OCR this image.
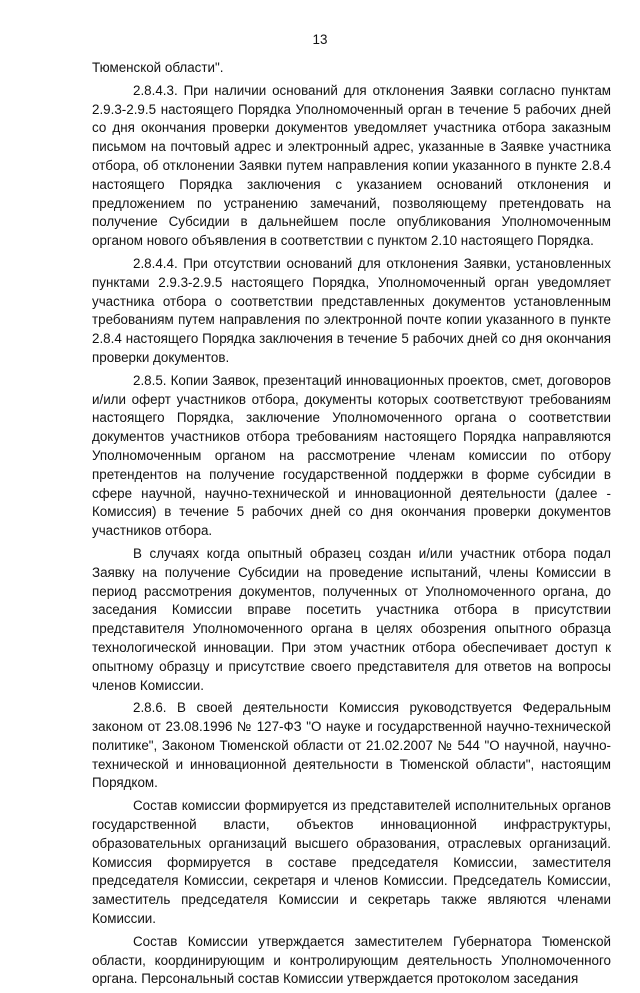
13

Тюменской области".

2.8.4.3. При наличии оснований для отклонения Заявки согласно пунктам 2.9.3-2.9.5 настоящего Порядка Уполномоченный орган в течение 5 рабочих дней со дня окончания проверки документов уведомляет участника отбора заказным письмом на почтовый адрес и электронный адрес, указанные в Заявке участника отбора, об отклонении Заявки путем направления копии указанного в пункте 2.8.4 настоящего Порядка заключения с указанием оснований отклонения и предложением по устранению замечаний, позволяющему претендовать на получение Субсидии в дальнейшем после опубликования Уполномоченным органом нового объявления в соответствии с пунктом 2.10 настоящего Порядка.

2.8.4.4. При отсутствии оснований для отклонения Заявки, установленных пунктами 2.9.3-2.9.5 настоящего Порядка, Уполномоченный орган уведомляет участника отбора о соответствии представленных документов установленным требованиям путем направления по электронной почте копии указанного в пункте 2.8.4 настоящего Порядка заключения в течение 5 рабочих дней со дня окончания проверки документов.

2.8.5. Копии Заявок, презентаций инновационных проектов, смет, договоров и/или оферт участников отбора, документы которых соответствуют требованиям настоящего Порядка, заключение Уполномоченного органа о соответствии документов участников отбора требованиям настоящего Порядка направляются Уполномоченным органом на рассмотрение членам комиссии по отбору претендентов на получение государственной поддержки в форме субсидии в сфере научной, научно-технической и инновационной деятельности (далее - Комиссия) в течение 5 рабочих дней со дня окончания проверки документов участников отбора.

В случаях когда опытный образец создан и/или участник отбора подал Заявку на получение Субсидии на проведение испытаний, члены Комиссии в период рассмотрения документов, полученных от Уполномоченного органа, до заседания Комиссии вправе посетить участника отбора в присутствии представителя Уполномоченного органа в целях обозрения опытного образца технологической инновации. При этом участник отбора обеспечивает доступ к опытному образцу и присутствие своего представителя для ответов на вопросы членов Комиссии.

2.8.6. В своей деятельности Комиссия руководствуется Федеральным законом от 23.08.1996 № 127-ФЗ "О науке и государственной научно-технической политике", Законом Тюменской области от 21.02.2007 № 544 "О научной, научно-технической и инновационной деятельности в Тюменской области", настоящим Порядком.

Состав комиссии формируется из представителей исполнительных органов государственной власти, объектов инновационной инфраструктуры, образовательных организаций высшего образования, отраслевых организаций. Комиссия формируется в составе председателя Комиссии, заместителя председателя Комиссии, секретаря и членов Комиссии. Председатель Комиссии, заместитель председателя Комиссии и секретарь также являются членами Комиссии.

Состав Комиссии утверждается заместителем Губернатора Тюменской области, координирующим и контролирующим деятельность Уполномоченного органа. Персональный состав Комиссии утверждается протоколом заседания
